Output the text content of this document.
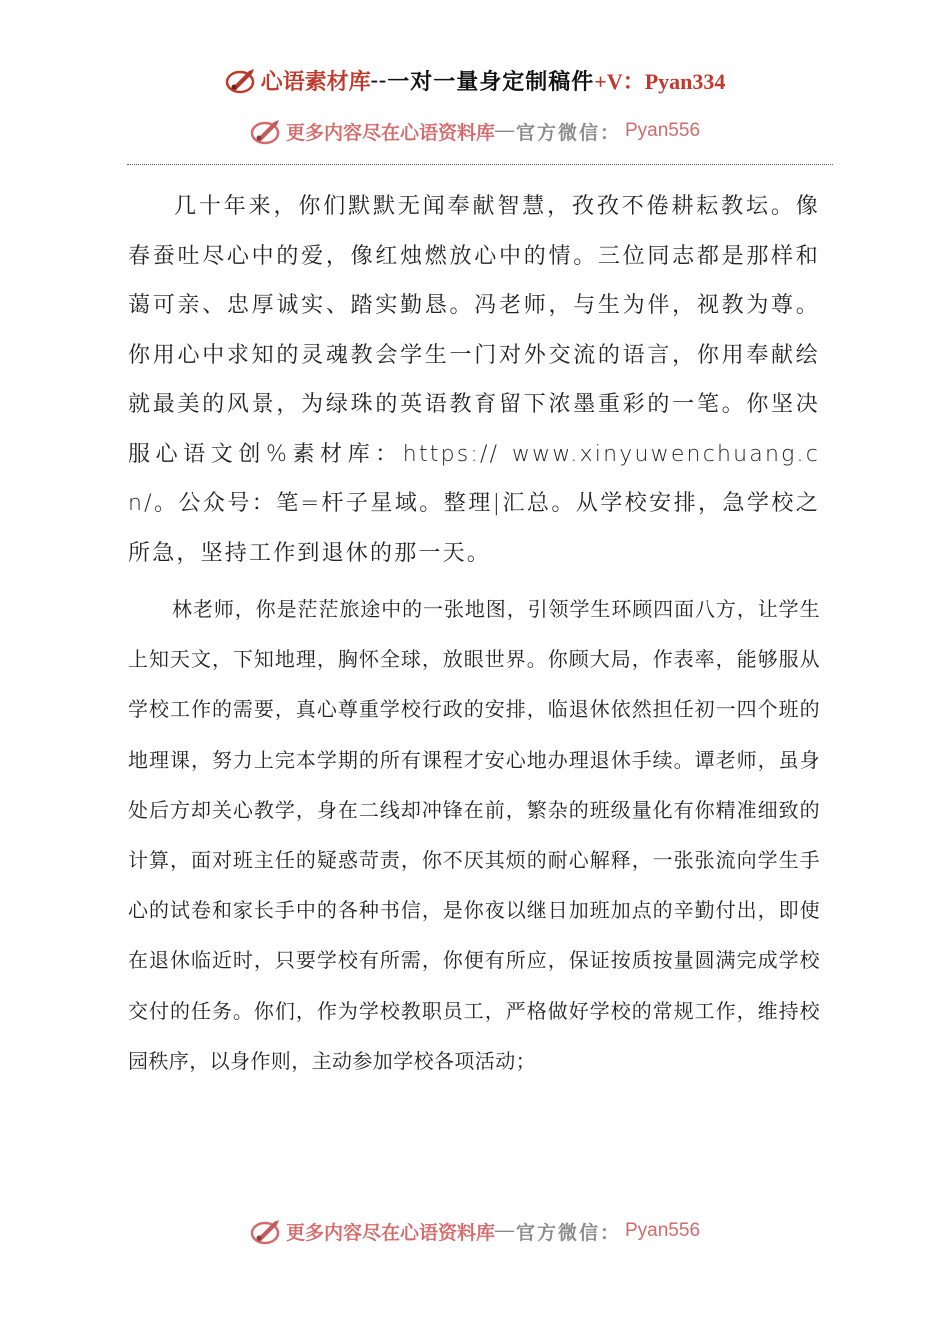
心语素材库 -- 一对一量身定制稿件 +V：Pyan334
更多内容尽在心语资料库 — 官方微信： Pyan556

几十年来，你们默默无闻奉献智慧，孜孜不倦耕耘教坛。像春蚕吐尽心中的爱，像红烛燃放心中的情。三位同志都是那样和蔼可亲、忠厚诚实、踏实勤恳。冯老师，与生为伴，视教为尊。你用心中求知的灵魂教会学生一门对外交流的语言，你用奉献绘就最美的风景，为绿珠的英语教育留下浓墨重彩的一笔。你坚决服心语文创%素材库：https:// www.xinyuwenchuang.cn/。公众号：笔=杆子星域。整理|汇总。从学校安排，急学校之所急，坚持工作到退休的那一天。

林老师，你是茫茫旅途中的一张地图，引领学生环顾四面八方，让学生上知天文，下知地理，胸怀全球，放眼世界。你顾大局，作表率，能够服从学校工作的需要，真心尊重学校行政的安排，临退休依然担任初一四个班的地理课，努力上完本学期的所有课程才安心地办理退休手续。谭老师，虽身处后方却关心教学，身在二线却冲锋在前，繁杂的班级量化有你精准细致的计算，面对班主任的疑惑苛责，你不厌其烦的耐心解释，一张张流向学生手心的试卷和家长手中的各种书信，是你夜以继日加班加点的辛勤付出，即使在退休临近时，只要学校有所需，你便有所应，保证按质按量圆满完成学校交付的任务。你们，作为学校教职员工，严格做好学校的常规工作，维持校园秩序，以身作则，主动参加学校各项活动；

更多内容尽在心语资料库 — 官方微信： Pyan556
